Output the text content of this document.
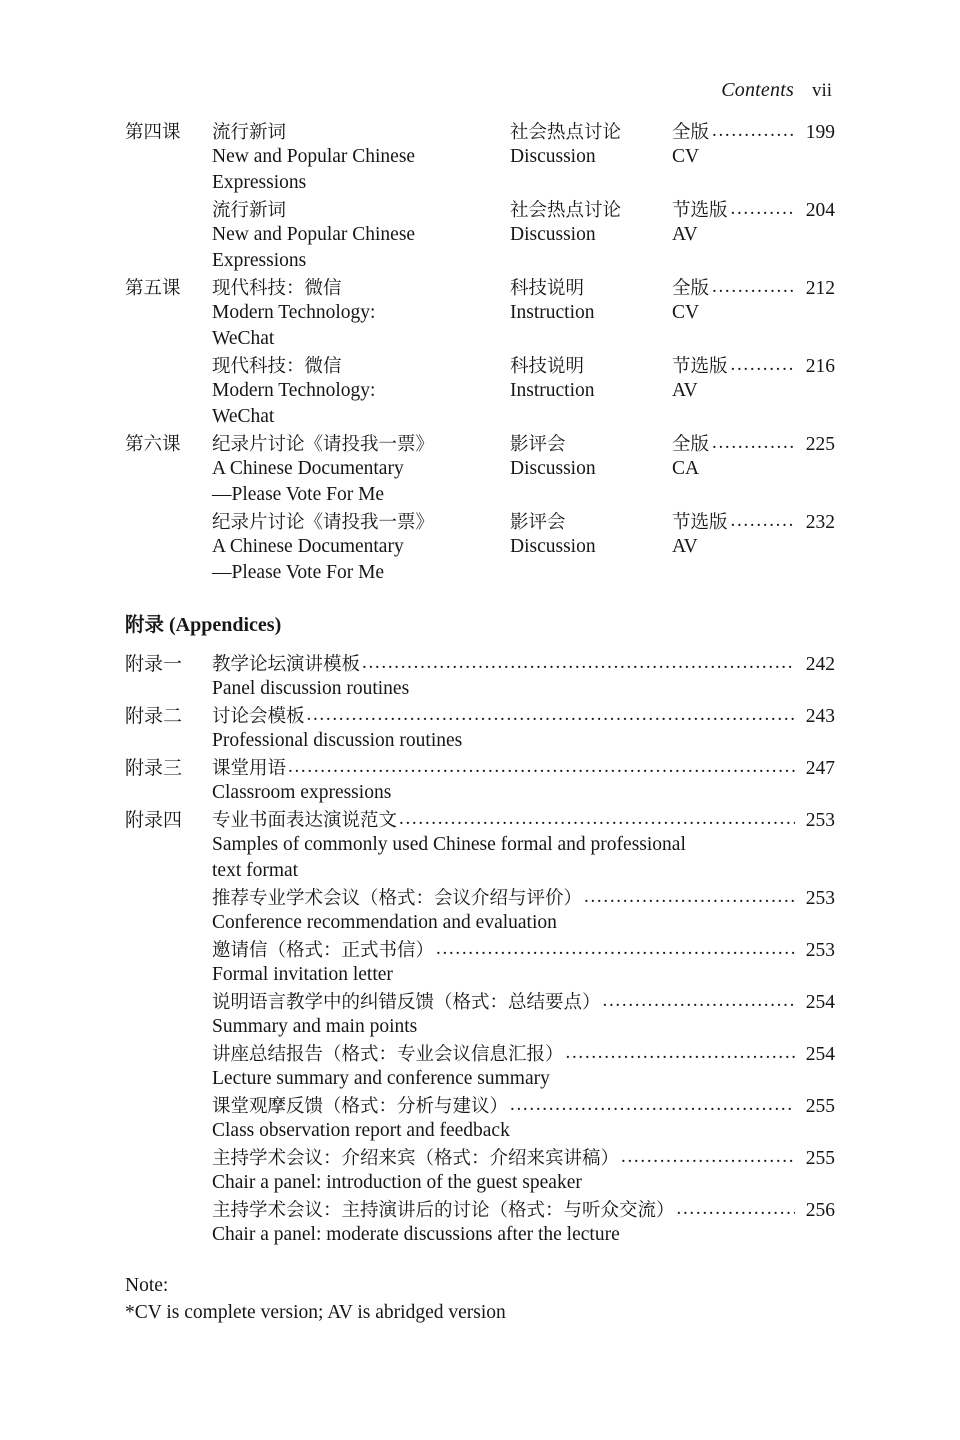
Contents vii
第四课	流行新词	社会热点讨论	全版 .....	199
New and Popular Chinese	Discussion	CV
Expressions
流行新词	社会热点讨论	节选版 .....	204
New and Popular Chinese	Discussion	AV
Expressions
第五课	现代科技：微信	科技说明	全版 .....	212
Modern Technology:	Instruction	CV
WeChat
现代科技：微信	科技说明	节选版 .....	216
Modern Technology:	Instruction	AV
WeChat
第六课	纪录片讨论《请投我一票》	影评会	全版 .....	225
A Chinese Documentary	Discussion	CA
—Please Vote For Me
纪录片讨论《请投我一票》	影评会	节选版 .....	232
A Chinese Documentary	Discussion	AV
—Please Vote For Me
附录 (Appendices)
附录一	教学论坛演讲模板 .....	242
Panel discussion routines
附录二	讨论会模板 .....	243
Professional discussion routines
附录三	课堂用语 .....	247
Classroom expressions
附录四	专业书面表达演说范文 .....	253
Samples of commonly used Chinese formal and professional
text format
推荐专业学术会议（格式：会议介绍与评价） .....	253
Conference recommendation and evaluation
邀请信（格式：正式书信） .....	253
Formal invitation letter
说明语言教学中的纠错反馈（格式：总结要点） .....	254
Summary and main points
讲座总结报告（格式：专业会议信息汇报） .....	254
Lecture summary and conference summary
课堂观摩反馈（格式：分析与建议） .....	255
Class observation report and feedback
主持学术会议：介绍来宾（格式：介绍来宾讲稿） .....	255
Chair a panel: introduction of the guest speaker
主持学术会议：主持演讲后的讨论（格式：与听众交流） .....	256
Chair a panel: moderate discussions after the lecture
Note:
*CV is complete version; AV is abridged version
